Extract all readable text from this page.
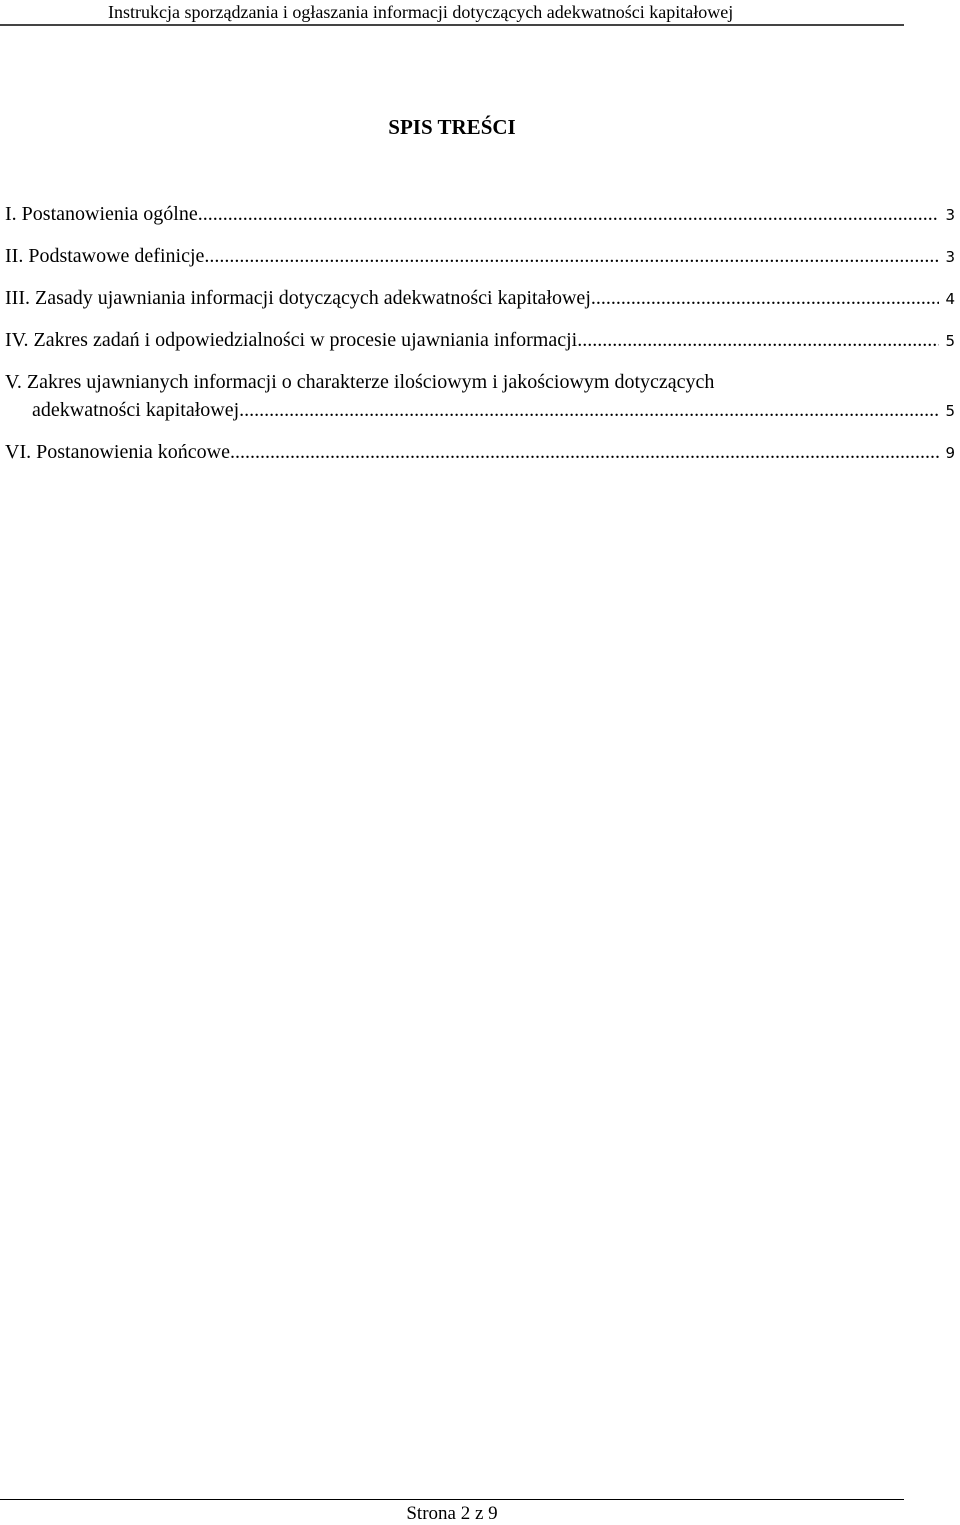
Instrukcja sporządzania i ogłaszania informacji dotyczących adekwatności kapitałowej
SPIS TREŚCI
I. Postanowienia ogólne .....	3
II. Podstawowe definicje .....	3
III. Zasady ujawniania informacji dotyczących adekwatności kapitałowej .....	4
IV. Zakres zadań i odpowiedzialności w procesie ujawniania informacji .....	5
V. Zakres ujawnianych informacji o charakterze ilościowym i jakościowym dotyczących
adekwatności kapitałowej .....	5
VI. Postanowienia końcowe .....	9
Strona 2 z 9
